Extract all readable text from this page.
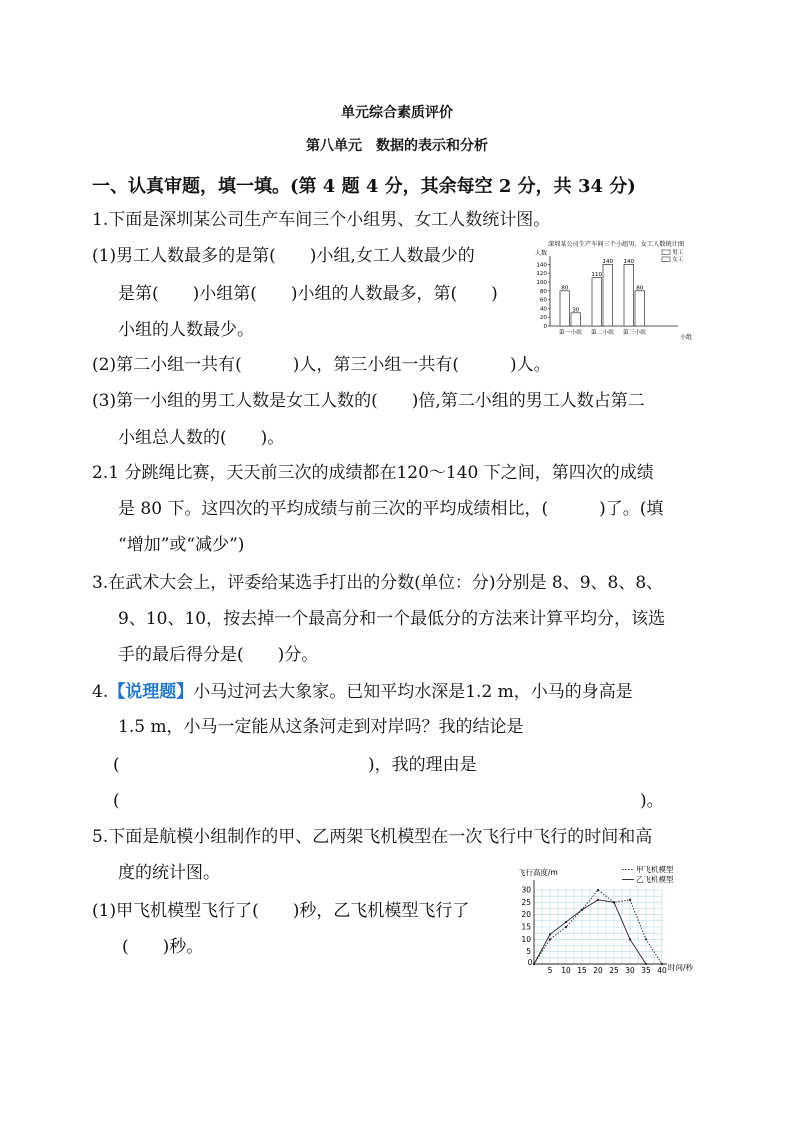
单元综合素质评价
第八单元　数据的表示和分析
一、认真审题，填一填。(第 4 题 4 分，其余每空 2 分，共 34 分)
1.下面是深圳某公司生产车间三个小组男、女工人数统计图。
(1)男工人数最多的是第(　　)小组,女工人数最少的
是第(　　)小组第(　　)小组的人数最多，第(　　)
小组的人数最少。
(2)第二小组一共有(　　　)人，第三小组一共有(　　　)人。
(3)第一小组的男工人数是女工人数的(　　)倍,第二小组的男工人数占第二
小组总人数的(　　)。
深圳某公司生产车间三个小组男、女工人数统计图
人数
0
20
40
60
80
100
120
140
80
30
110
140 140
80
男工
女工
第一小组 第二小组 第三小组
小组
2.1 分跳绳比赛，天天前三次的成绩都在120～140 下之间，第四次的成绩
是 80 下。这四次的平均成绩与前三次的平均成绩相比，(　　　)了。(填
“增加”或“减少”)
3.在武术大会上，评委给某选手打出的分数(单位：分)分别是 8、9、8、8、
9、10、10，按去掉一个最高分和一个最低分的方法来计算平均分，该选
手的最后得分是(　　)分。
4.【说理题】小马过河去大象家。已知平均水深是1.2 m，小马的身高是
1.5 m，小马一定能从这条河走到对岸吗？我的结论是
(	)，我的理由是
(	)。
5.下面是航模小组制作的甲、乙两架飞机模型在一次飞行中飞行的时间和高
度的统计图。
(1)甲飞机模型飞行了(　　)秒，乙飞机模型飞行了
(　　)秒。
飞行高度/m
5
10
15
20
25
30
0
5 10 15 20 25 30 35 40
甲飞机模型
乙飞机模型
时间/秒
